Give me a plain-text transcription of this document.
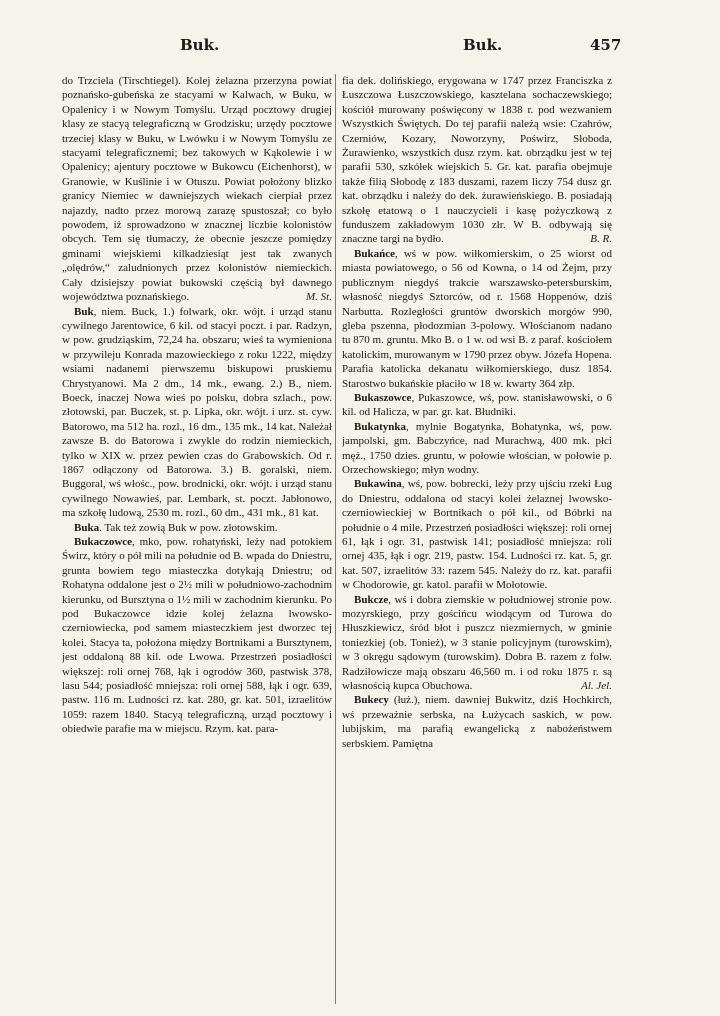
Buk.	Buk.	457

do Trzciela (Tirschtiegel). Kolej żelazna przerzyna powiat poznańsko-gubeńska ze stacyami w Kalwach, w Buku, w Opalenicy i w Nowym Tomyślu. Urząd pocztowy drugiej klasy ze stacyą telegraficzną w Grodzisku; urzędy pocztowe trzeciej klasy w Buku, w Lwówku i w Nowym Tomyślu ze stacyami telegraficznemi; bez takowych w Kąkolewie i w Opalenicy; ajentury pocztowe w Bukowcu (Eichenhorst), w Granowie, w Kuślinie i w Otuszu. Powiat położony blizko granicy Niemiec w dawniejszych wiekach cierpiał przez najazdy, nadto przez morową zarazę spustoszał; co było powodem, iż sprowadzono w znacznej liczbie kolonistów obcych. Tem się tłumaczy, że obecnie jeszcze pomiędzy gminami wiejskiemi kilkadziesiąt jest tak zwanych „olędrów,“ zaludnionych przez kolonistów niemieckich. Cały dzisiejszy powiat bukowski częścią był dawnego województwa poznańskiego.	M. St.

Buk, niem. Buck, 1.) folwark, okr. wójt. i urząd stanu cywilnego Jarentowice, 6 kil. od stacyi poczt. i par. Radzyn, w pow. grudziąskim, 72,24 ha. obszaru; wieś ta wymieniona w przywileju Konrada mazowieckiego z roku 1222, między wsiami nadanemi pierwszemu biskupowi pruskiemu Chrystyanowi. Ma 2 dm., 14 mk., ewang. 2.) B., niem. Boeck, inaczej Nowa wieś po polsku, dobra szlach., pow. złotowski, par. Buczek, st. p. Lipka, okr. wójt. i urz. st. cyw. Batorowo, ma 512 ha. rozl., 16 dm., 135 mk., 14 kat. Należał zawsze B. do Batorowa i zwykle do rodzin niemieckich, tylko w XIX w. przez pewien czas do Grabowskich. Od r. 1867 odłączony od Batorowa. 3.) B. goralski, niem. Buggoral, wś włośc., pow. brodnicki, okr. wójt. i urząd stanu cywilnego Nowawieś, par. Lembark, st. poczt. Jabłonowo, ma szkołę ludową, 2530 m. rozl., 60 dm., 431 mk., 81 kat.

Buka. Tak też zowią Buk w pow. złotowskim.

Bukaczowce, mko, pow. rohatyński, leży nad potokiem Świrz, który o pół mili na południe od B. wpada do Dniestru, grunta bowiem tego miasteczka dotykają Dniestru; od Rohatyna oddalone jest o 2½ mili w południowo-zachodnim kierunku, od Bursztyna o 1½ mili w zachodnim kierunku. Po pod Bukaczowce idzie kolej żelazna lwowsko-czerniowiecka, pod samem miasteczkiem jest dworzec tej kolei. Stacya ta, położona między Bortnikami a Bursztynem, jest oddaloną 88 kil. ode Lwowa. Przestrzeń posiadłości większej: roli ornej 768, łąk i ogrodów 360, pastwisk 378, lasu 544; posiadłość mniejsza: roli ornej 588, łąk i ogr. 639, pastw. 116 m. Ludności rz. kat. 280, gr. kat. 501, izraelitów 1059: razem 1840. Stacyą telegraficzną, urząd pocztowy i obiedwie parafie ma w miejscu. Rzym. kat. para-

fia dek. dolińskiego, erygowana w 1747 przez Franciszka z Łuszczowa Łuszczowskiego, kasztelana sochaczewskiego; kościół murowany poświęcony w 1838 r. pod wezwaniem Wszystkich Świętych. Do tej parafii należą wsie: Czahrów, Czerniów, Kozary, Noworzyny, Poświrz, Słoboda, Żurawienko, wszystkich dusz rzym. kat. obrządku jest w tej parafii 530, szkółek wiejskich 5. Gr. kat. parafia obejmuje także filią Słobodę z 183 duszami, razem liczy 754 dusz gr. kat. obrządku i należy do dek. żurawieńskiego. B. posiadają szkołę etatową o 1 nauczycieli i kasę pożyczkową z funduszem zakładowym 1030 złr. W B. odbywają się znaczne targi na bydło.	B. R.

Bukańce, wś w pow. wiłkomierskim, o 25 wiorst od miasta powiatowego, o 56 od Kowna, o 14 od Żejm, przy publicznym niegdyś trakcie warszawsko-petersburskim, własność niegdyś Sztorców, od r. 1568 Hoppenów, dziś Narbutta. Rozległości gruntów dworskich morgów 990, gleba pszenna, płodozmian 3-polowy. Włościanom nadano tu 870 m. gruntu. Mko B. o 1 w. od wsi B. z paraf. kościołem katolickim, murowanym w 1790 przez obyw. Józefa Hopena. Parafia katolicka dekanatu wiłkomierskiego, dusz 1854. Starostwo bukańskie płaciło w 18 w. kwarty 364 złp.

Bukaszowce, Pukaszowce, wś, pow. stanisławowski, o 6 kil. od Halicza, w par. gr. kat. Błudniki.

Bukatynka, mylnie Bogatynka, Bohatynka, wś, pow. jampolski, gm. Babczyńce, nad Murachwą, 400 mk. płci męż., 1750 dzies. gruntu, w połowie włościan, w połowie p. Orzechowskiego; młyn wodny.

Bukawina, wś, pow. bobrecki, leży przy ujściu rzeki Ług do Dniestru, oddalona od stacyi kolei żelaznej lwowsko-czerniowieckiej w Bortnikach o pół kil., od Bóbrki na południe o 4 mile. Przestrzeń posiadłości większej: roli ornej 61, łąk i ogr. 31, pastwisk 141; posiadłość mniejsza: roli ornej 435, łąk i ogr. 219, pastw. 154. Ludności rz. kat. 5, gr. kat. 507, izraelitów 33: razem 545. Należy do rz. kat. parafii w Chodorowie, gr. katol. parafii w Mołotowie.

Bukcze, wś i dobra ziemskie w południowej stronie pow. mozyrskiego, przy gościńcu wiodącym od Turowa do Hłuszkiewicz, śród błot i puszcz niezmiernych, w gminie toniezkiej (ob. Tonież), w 3 stanie policyjnym (turowskim), w 3 okręgu sądowym (turowskim). Dobra B. razem z folw. Radziłowicze mają obszaru 46,560 m. i od roku 1875 r. są własnością kupca Obuchowa.	Al. Jel.

Bukecy (łuż.), niem. dawniej Bukwitz, dziś Hochkirch, wś przeważnie serbska, na Łużycach saskich, w pow. lubijskim, ma parafią ewangelicką z nabożeństwem serbskiem. Pamiętna
